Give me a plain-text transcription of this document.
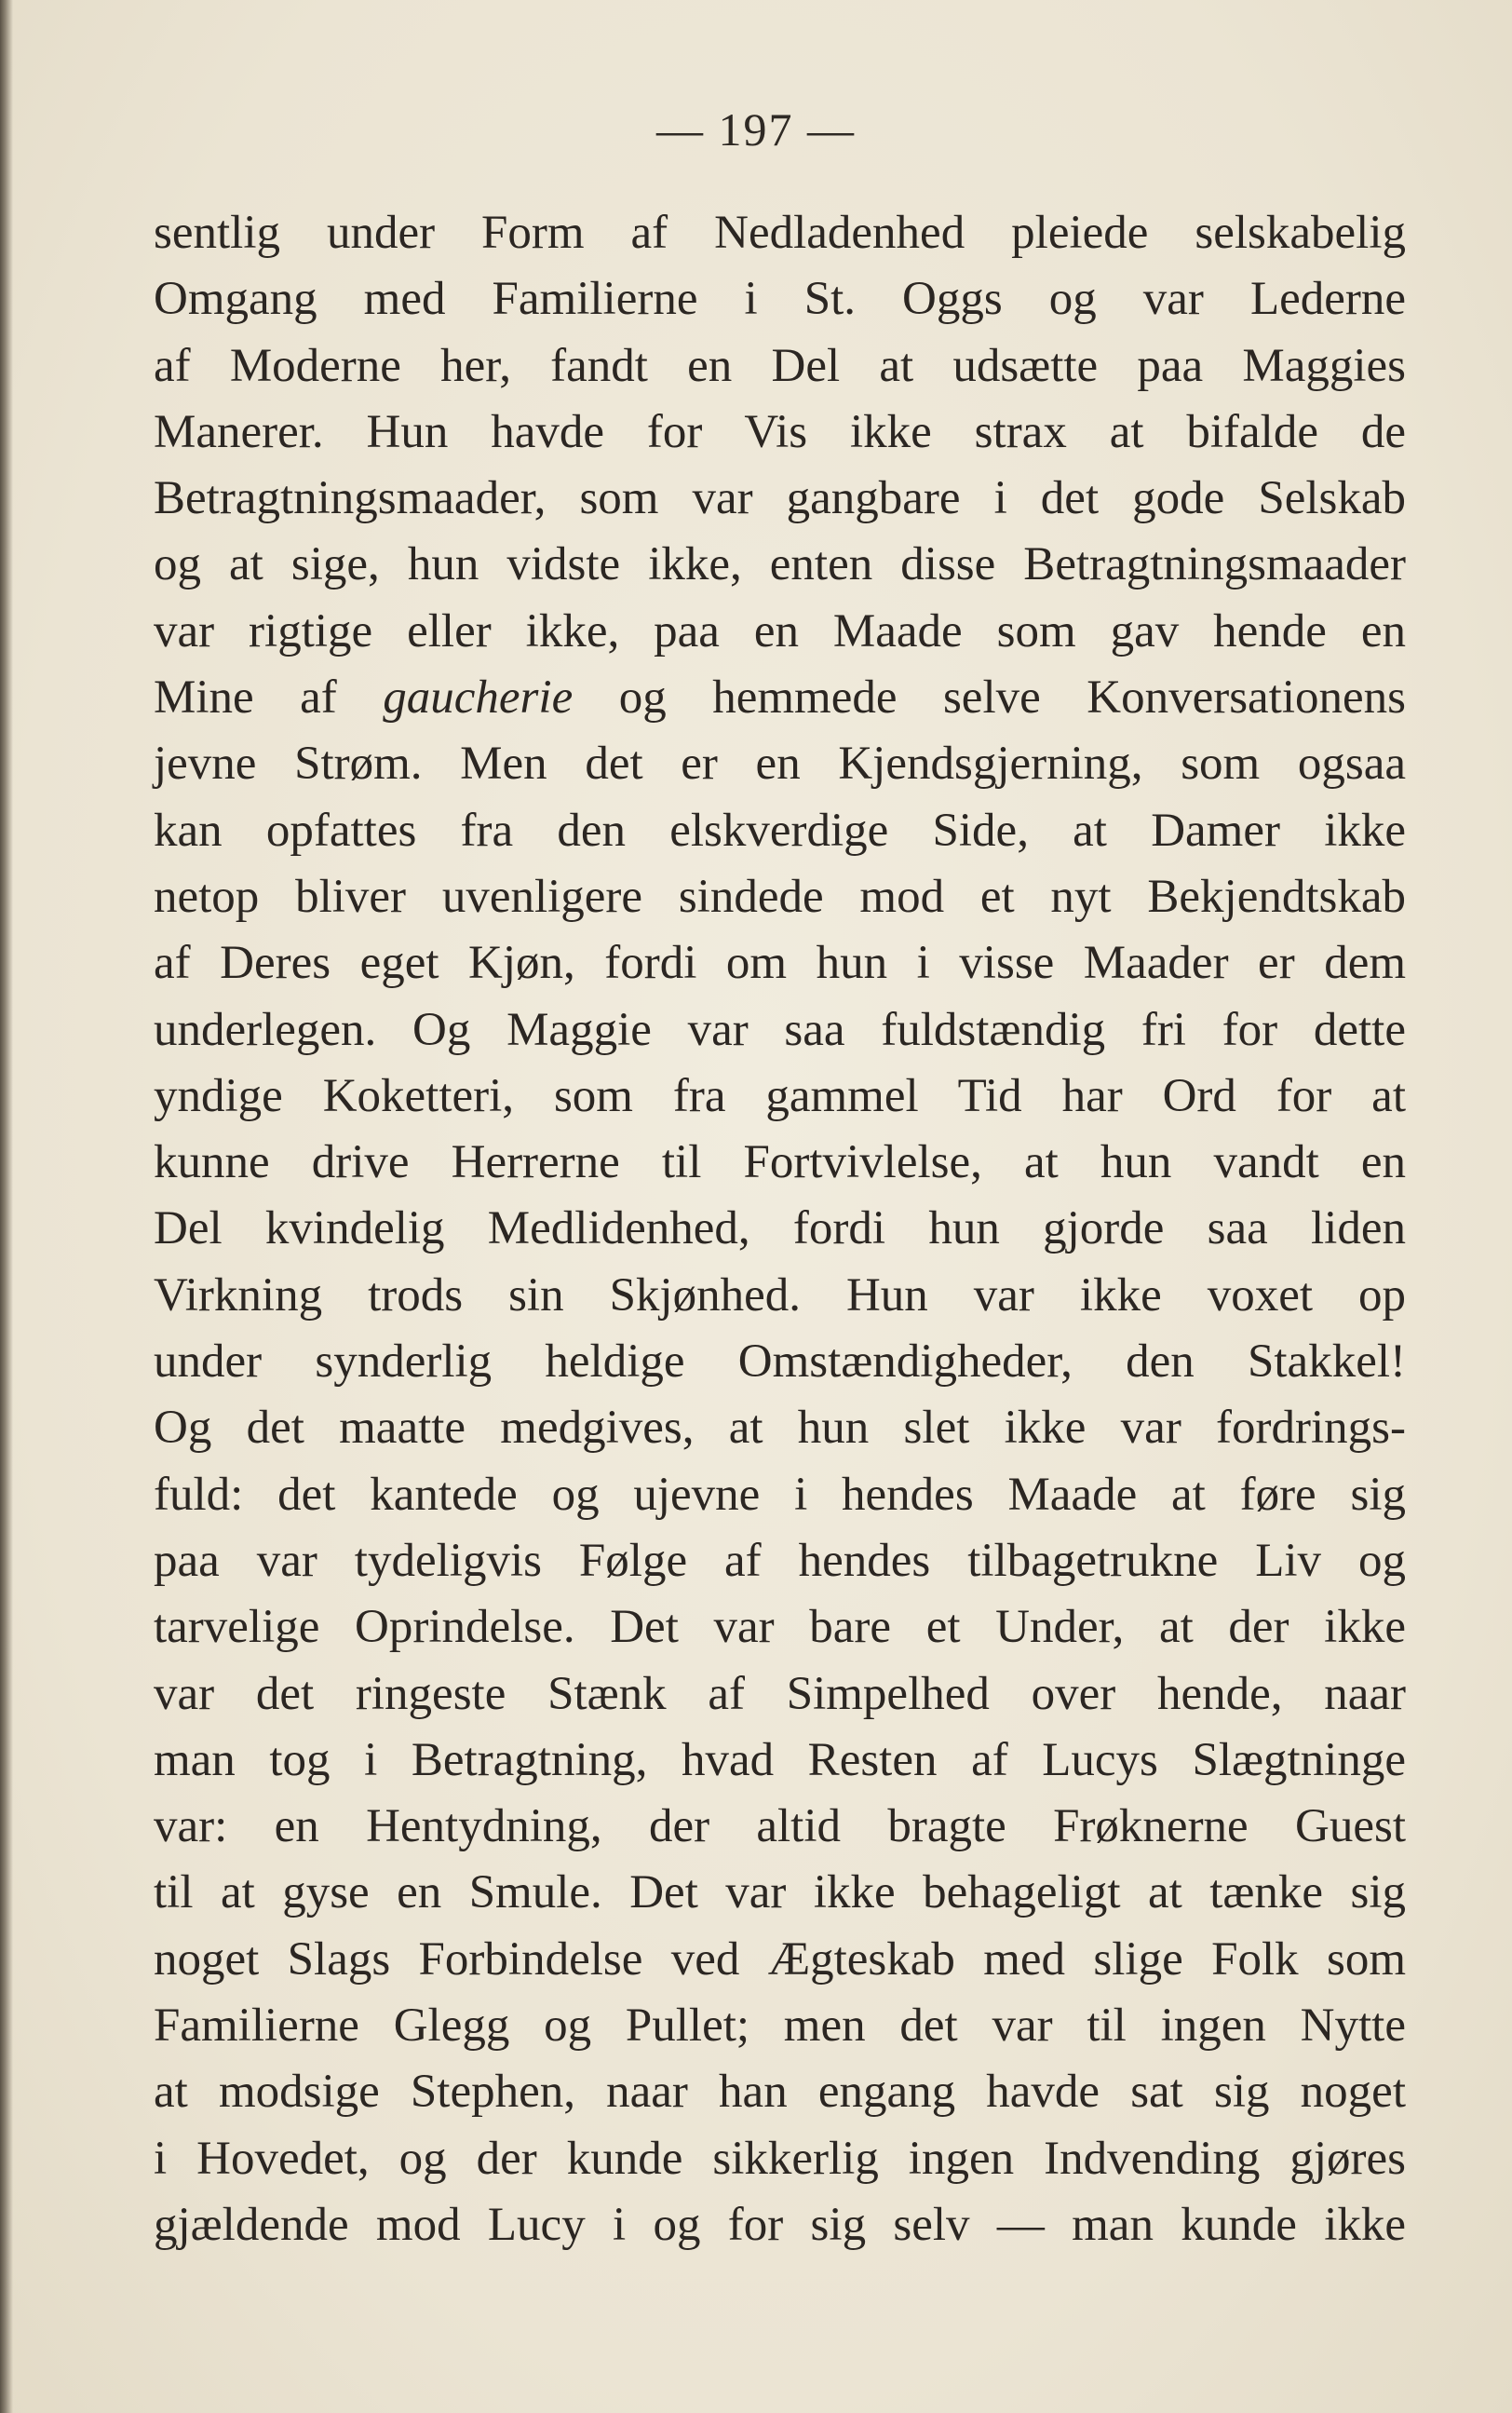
— 197 —
sentlig under Form af Nedladenhed pleiede selskabelig
Omgang med Familierne i St. Oggs og var Lederne
af Moderne her, fandt en Del at udsætte paa Maggies
Manerer. Hun havde for Vis ikke strax at bifalde de
Betragtningsmaader, som var gangbare i det gode Selskab
og at sige, hun vidste ikke, enten disse Betragtningsmaader
var rigtige eller ikke, paa en Maade som gav hende en
Mine af gaucherie og hemmede selve Konversationens
jevne Strøm. Men det er en Kjendsgjerning, som ogsaa
kan opfattes fra den elskverdige Side, at Damer ikke
netop bliver uvenligere sindede mod et nyt Bekjendtskab
af Deres eget Kjøn, fordi om hun i visse Maader er dem
underlegen. Og Maggie var saa fuldstændig fri for dette
yndige Koketteri, som fra gammel Tid har Ord for at
kunne drive Herrerne til Fortvivlelse, at hun vandt en
Del kvindelig Medlidenhed, fordi hun gjorde saa liden
Virkning trods sin Skjønhed. Hun var ikke voxet op
under synderlig heldige Omstændigheder, den Stakkel!
Og det maatte medgives, at hun slet ikke var fordrings-
fuld: det kantede og ujevne i hendes Maade at føre sig
paa var tydeligvis Følge af hendes tilbagetrukne Liv og
tarvelige Oprindelse. Det var bare et Under, at der ikke
var det ringeste Stænk af Simpelhed over hende, naar
man tog i Betragtning, hvad Resten af Lucys Slægtninge
var: en Hentydning, der altid bragte Frøknerne Guest
til at gyse en Smule. Det var ikke behageligt at tænke sig
noget Slags Forbindelse ved Ægteskab med slige Folk som
Familierne Glegg og Pullet; men det var til ingen Nytte
at modsige Stephen, naar han engang havde sat sig noget
i Hovedet, og der kunde sikkerlig ingen Indvending gjøres
gjældende mod Lucy i og for sig selv — man kunde ikke
